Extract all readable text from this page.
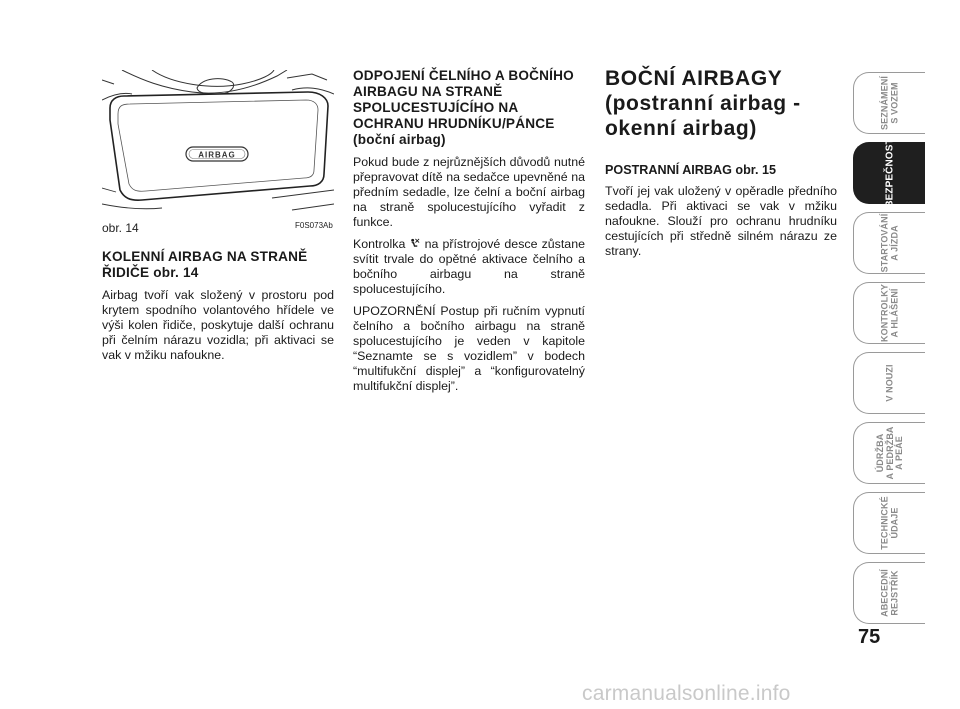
AIRBAG
obr. 14	F0S073Ab
KOLENNÍ AIRBAG NA STRANĚ ŘIDIČE obr. 14

Airbag tvoří vak složený v prostoru pod krytem spodního volantového hřídele ve výši kolen řidiče, poskytuje další ochranu při čelním nárazu vozidla; při aktivaci se vak v mžiku nafoukne.

ODPOJENÍ ČELNÍHO A BOČNÍHO AIRBAGU NA STRANĚ SPOLUCESTUJÍCÍHO NA OCHRANU HRUDNÍKU/PÁNCE
(boční airbag)

Pokud bude z nejrůznějších důvodů nutné přepravovat dítě na sedačce upevněné na předním sedadle, lze čelní a boční airbag na straně spolucestujícího vyřadit z funkce.

Kontrolka na přístrojové desce zůstane svítit trvale do opětné aktivace čelního a bočního airbagu na straně spolucestujícího.

UPOZORNĚNÍ Postup při ručním vypnutí čelního a bočního airbagu na straně spolucestujícího je veden v kapitole “Seznamte se s vozidlem” v bodech “multifukční displej” a “konfigurovatelný multifukční displej”.

BOČNÍ AIRBAGY
(postranní airbag -
okenní airbag)
POSTRANNÍ AIRBAG obr. 15

Tvoří jej vak uložený v opěradle předního sedadla. Při aktivaci se vak v mžiku nafoukne. Slouží pro ochranu hrudníku cestujících při středně silném nárazu ze strany.

SEZNÁMENÍ
S VOZEM
BEZPEČNOST
STARTOVÁNÍ
A JÍZDA
KONTROLKY
A HLÁŠENÍ
V NOUZI
ÚDRŽBA
A PEDRŽBA
A PEÁE
TECHNICKÉ
ÚDAJE
ABECEDNÍ
REJSTŘÍK
75
carmanualsonline.info
